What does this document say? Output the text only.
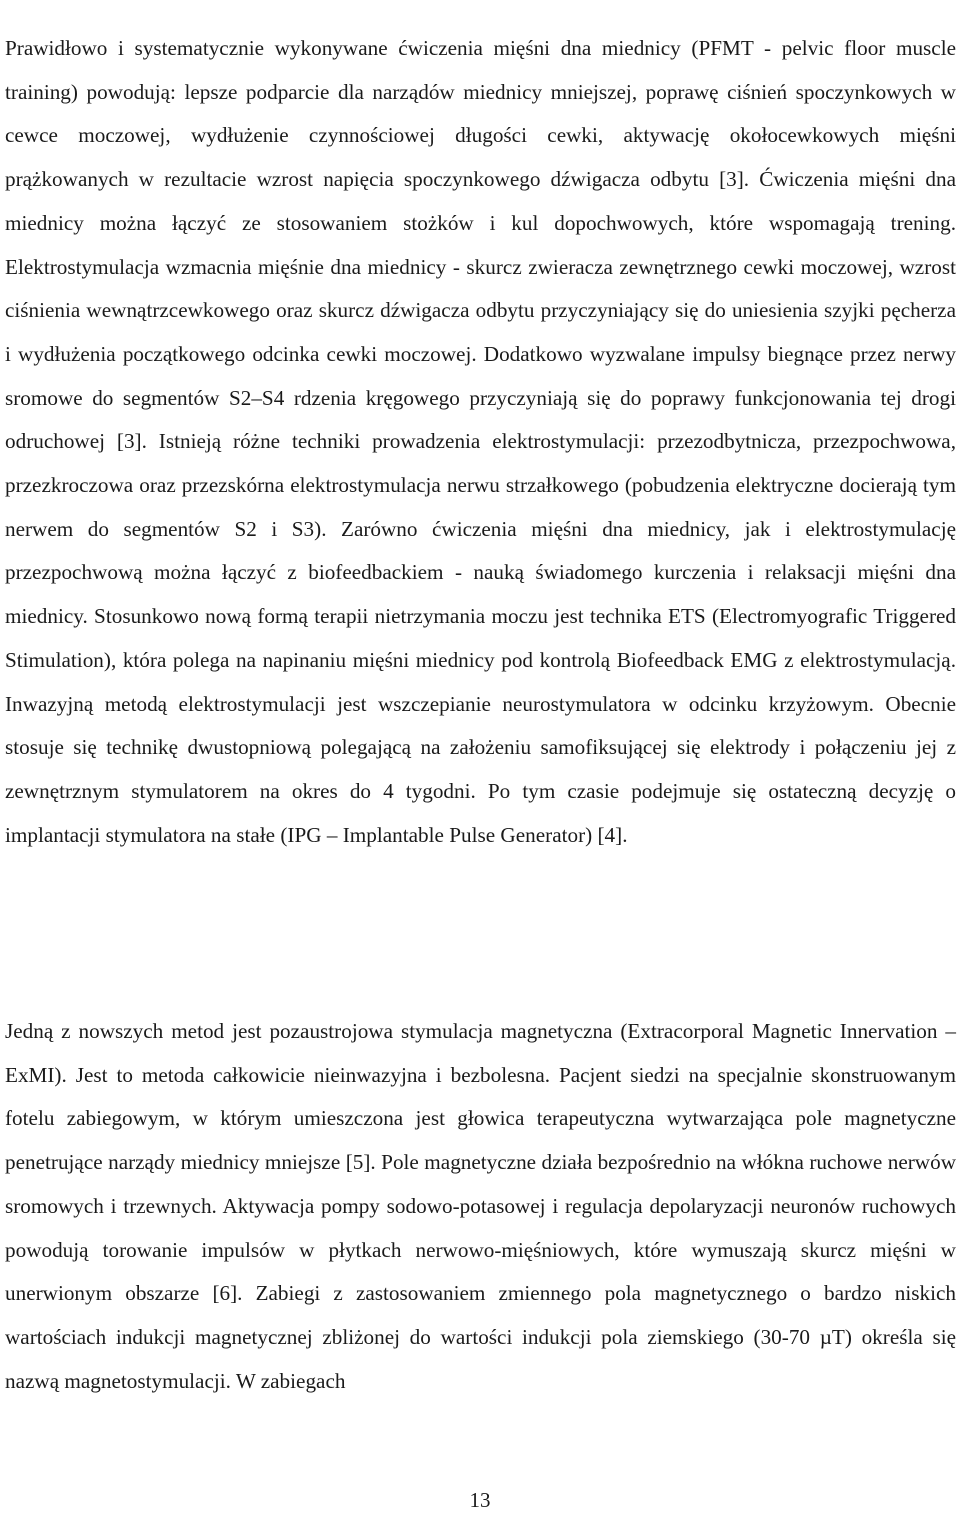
Prawidłowo i systematycznie wykonywane ćwiczenia mięśni dna miednicy (PFMT - pelvic floor muscle training) powodują: lepsze podparcie dla narządów miednicy mniejszej, poprawę ciśnień spoczynkowych w cewce moczowej, wydłużenie czynnościowej długości cewki, aktywację okołocewkowych mięśni prążkowanych w rezultacie wzrost napięcia spoczynkowego dźwigacza odbytu [3]. Ćwiczenia mięśni dna miednicy można łączyć ze stosowaniem stożków i kul dopochwowych, które wspomagają trening. Elektrostymulacja wzmacnia mięśnie dna miednicy - skurcz zwieracza zewnętrznego cewki moczowej, wzrost ciśnienia wewnątrzcewkowego oraz skurcz dźwigacza odbytu przyczyniający się do uniesienia szyjki pęcherza i wydłużenia początkowego odcinka cewki moczowej. Dodatkowo wyzwalane impulsy biegnące przez nerwy sromowe do segmentów S2–S4 rdzenia kręgowego przyczyniają się do poprawy funkcjonowania tej drogi odruchowej [3]. Istnieją różne techniki prowadzenia elektrostymulacji: przezodbytnicza, przezpochwowa, przezkroczowa oraz przezskórna elektrostymulacja nerwu strzałkowego (pobudzenia elektryczne docierają tym nerwem do segmentów S2 i S3). Zarówno ćwiczenia mięśni dna miednicy, jak i elektrostymulację przezpochwową można łączyć z biofeedbackiem - nauką świadomego kurczenia i relaksacji mięśni dna miednicy. Stosunkowo nową formą terapii nietrzymania moczu jest technika ETS (Electromyografic Triggered Stimulation), która polega na napinaniu mięśni miednicy pod kontrolą Biofeedback EMG z elektrostymulacją. Inwazyjną metodą elektrostymulacji jest wszczepianie neurostymulatora w odcinku krzyżowym. Obecnie stosuje się technikę dwustopniową polegającą na założeniu samofiksującej się elektrody i połączeniu jej z zewnętrznym stymulatorem na okres do 4 tygodni. Po tym czasie podejmuje się ostateczną decyzję o implantacji stymulatora na stałe (IPG – Implantable Pulse Generator) [4].

Jedną z nowszych metod jest pozaustrojowa stymulacja magnetyczna (Extracorporal Magnetic Innervation – ExMI). Jest to metoda całkowicie nieinwazyjna i bezbolesna. Pacjent siedzi na specjalnie skonstruowanym fotelu zabiegowym, w którym umieszczona jest głowica terapeutyczna wytwarzająca pole magnetyczne penetrujące narządy miednicy mniejsze [5]. Pole magnetyczne działa bezpośrednio na włókna ruchowe nerwów sromowych i trzewnych. Aktywacja pompy sodowo-potasowej i regulacja depolaryzacji neuronów ruchowych powodują torowanie impulsów w płytkach nerwowo-mięśniowych, które wymuszają skurcz mięśni w unerwionym obszarze [6]. Zabiegi z zastosowaniem zmiennego pola magnetycznego o bardzo niskich wartościach indukcji magnetycznej zbliżonej do wartości indukcji pola ziemskiego (30-70 µT) określa się nazwą magnetostymulacji. W zabiegach

13
